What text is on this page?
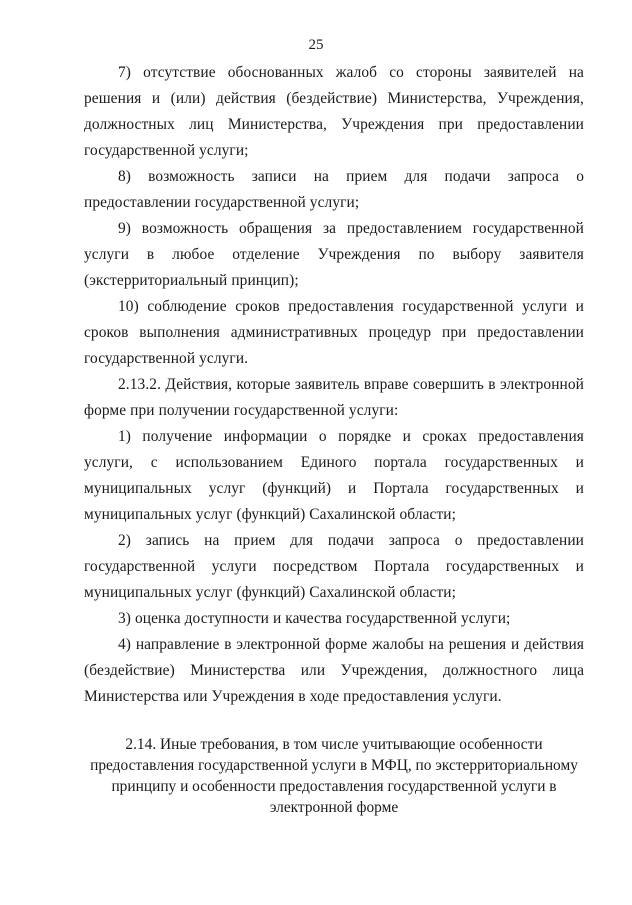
25

7) отсутствие обоснованных жалоб со стороны заявителей на решения и (или) действия (бездействие) Министерства, Учреждения, должностных лиц Министерства, Учреждения при предоставлении государственной услуги;

8) возможность записи на прием для подачи запроса о предоставлении государственной услуги;

9) возможность обращения за предоставлением государственной услуги в любое отделение Учреждения по выбору заявителя (экстерриториальный принцип);

10) соблюдение сроков предоставления государственной услуги и сроков выполнения административных процедур при предоставлении государственной услуги.

2.13.2. Действия, которые заявитель вправе совершить в электронной форме при получении государственной услуги:

1) получение информации о порядке и сроках предоставления услуги, с использованием Единого портала государственных и муниципальных услуг (функций) и Портала государственных и муниципальных услуг (функций) Сахалинской области;

2) запись на прием для подачи запроса о предоставлении государственной услуги посредством Портала государственных и муниципальных услуг (функций) Сахалинской области;

3) оценка доступности и качества государственной услуги;

4) направление в электронной форме жалобы на решения и действия (бездействие) Министерства или Учреждения, должностного лица Министерства или Учреждения в ходе предоставления услуги.

2.14. Иные требования, в том числе учитывающие особенности
предоставления государственной услуги в МФЦ, по экстерриториальному
принципу и особенности предоставления государственной услуги в
электронной форме
